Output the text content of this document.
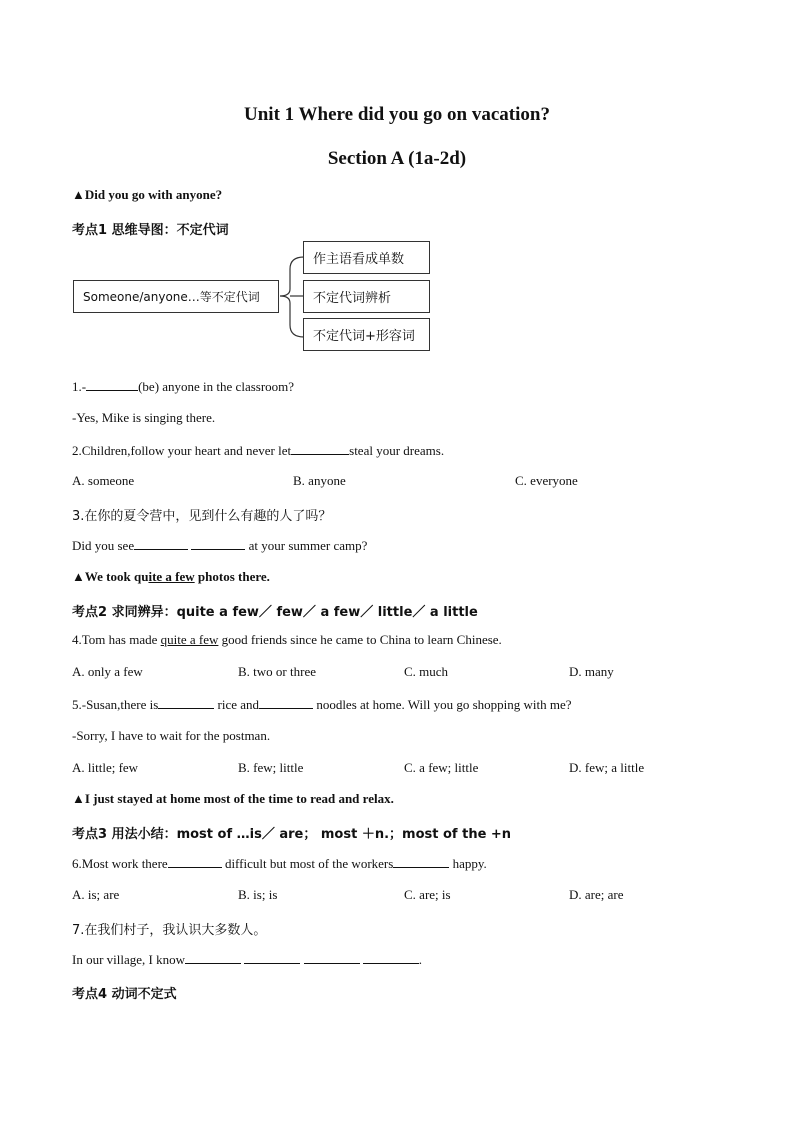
Unit 1 Where did you go on vacation?
Section A (1a-2d)
▲Did you go with anyone?
考点1 思维导图：不定代词
Someone/anyone…等不定代词
作主语看成单数
不定代词辨析
不定代词+形容词
1.-	(be) anyone in the classroom?
-Yes, Mike is singing there.
2.Children,follow your heart and never let	steal your dreams.
A. someone	B. anyone	C. everyone
3.在你的夏令营中，见到什么有趣的人了吗？
Did you see	at your summer camp?
▲We took quite a few photos there.
考点2 求同辨异：quite a few／ few／ a few／ little／ a little
4.Tom has made quite a few good friends since he came to China to learn Chinese.
A. only a few	B. two or three	C. much	D. many
5.-Susan,there is	rice and	noodles at home. Will you go shopping with me?
-Sorry, I have to wait for the postman.
A. little; few	B. few; little	C. a few; little	D. few; a little
▲I just stayed at home most of the time to read and relax.
考点3 用法小结：most of …is／ are； most ＋n.；most of the +n
6.Most work there	difficult but most of the workers	happy.
A. is; are	B. is; is	C. are; is	D. are; are
7.在我们村子，我认识大多数人。
In our village, I know	.
考点4 动词不定式
